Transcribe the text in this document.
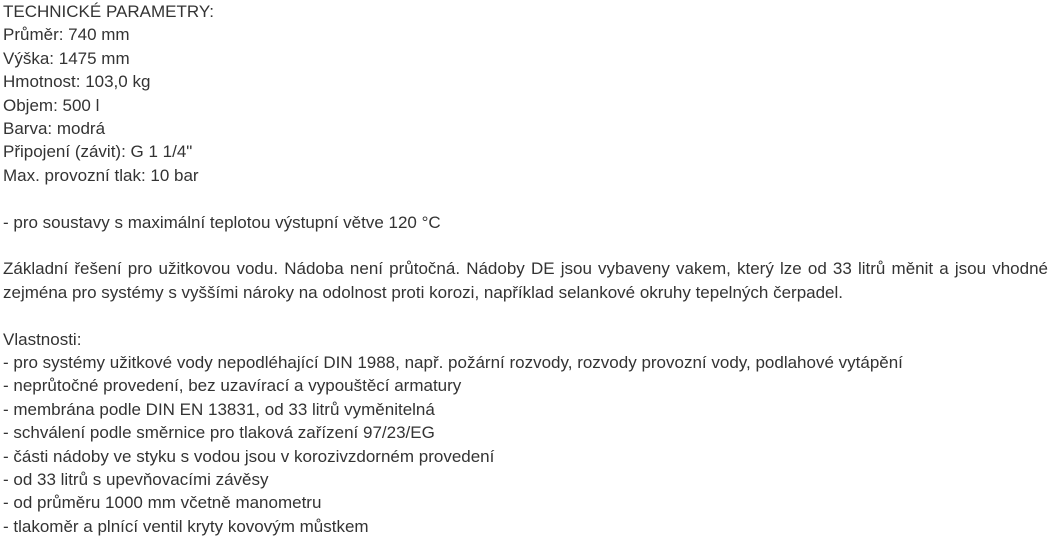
TECHNICKÉ PARAMETRY:
Průměr: 740 mm
Výška: 1475 mm
Hmotnost: 103,0 kg
Objem: 500 l
Barva: modrá
Připojení (závit): G 1 1/4"
Max. provozní tlak: 10 bar
- pro soustavy s maximální teplotou výstupní větve 120 °C
Základní řešení pro užitkovou vodu. Nádoba není průtočná. Nádoby DE jsou vybaveny vakem, který lze od 33 litrů měnit a jsou vhodné zejména pro systémy s vyššími nároky na odolnost proti korozi, například selankové okruhy tepelných čerpadel.
Vlastnosti:
- pro systémy užitkové vody nepodléhající DIN 1988, např. požární rozvody, rozvody provozní vody, podlahové vytápění
- neprůtočné provedení, bez uzavírací a vypouštěcí armatury
- membrána podle DIN EN 13831, od 33 litrů vyměnitelná
- schválení podle směrnice pro tlaková zařízení 97/23/EG
- části nádoby ve styku s vodou jsou v korozivzdorném provedení
- od 33 litrů s upevňovacími závěsy
- od průměru 1000 mm včetně manometru
- tlakoměr a plnící ventil kryty kovovým můstkem
